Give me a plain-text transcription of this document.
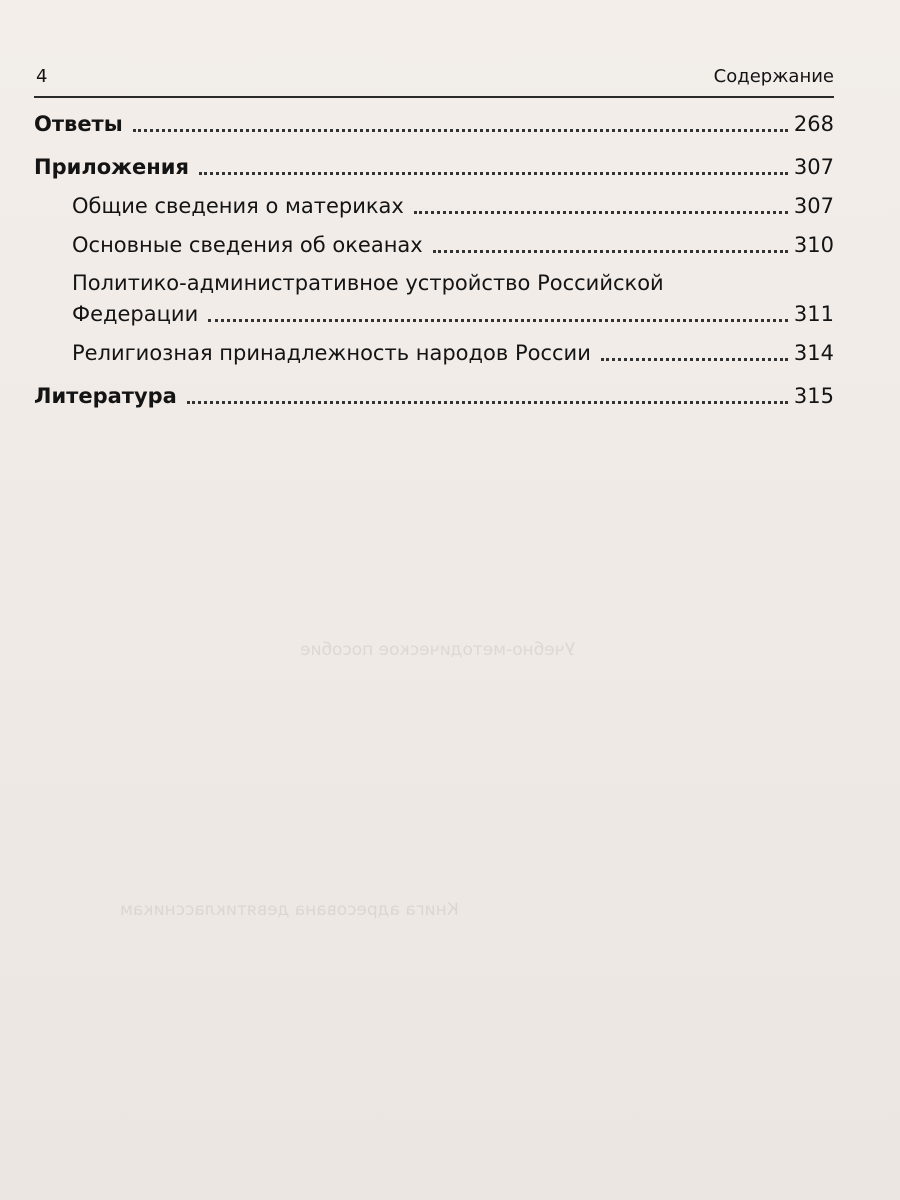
Учебно-методическое пособие
Книга адресована девятиклассникам
4	Содержание
Ответы	268
Приложения	307
Общие сведения о материках	307
Основные сведения об океанах	310
Политико-административное устройство Российской
Федерации	311
Религиозная принадлежность народов России	314
Литература	315
